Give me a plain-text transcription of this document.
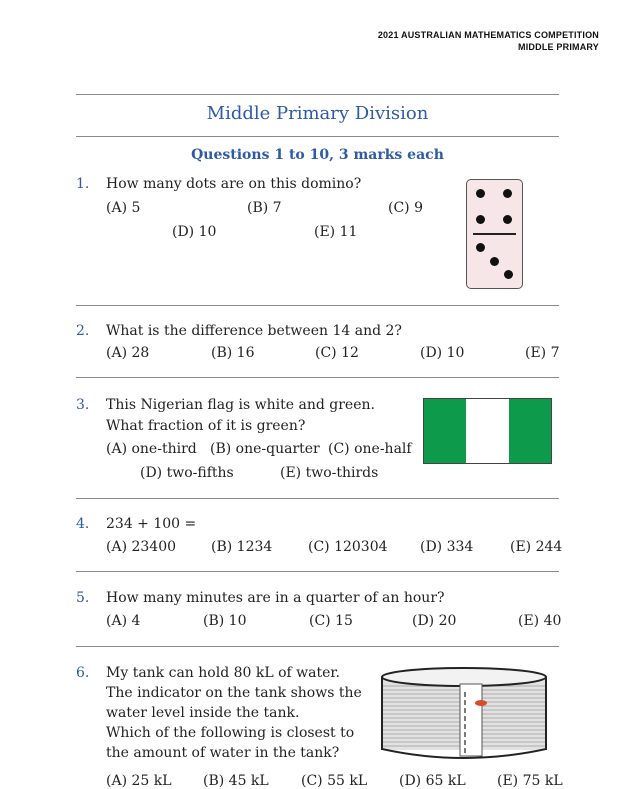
2021 AUSTRALIAN MATHEMATICS COMPETITION
MIDDLE PRIMARY
Middle Primary Division
Questions 1 to 10, 3 marks each
1. How many dots are on this domino?
(A) 5	(B) 7	(C) 9
(D) 10	(E) 11
2. What is the difference between 14 and 2?
(A) 28	(B) 16	(C) 12	(D) 10	(E) 7
3. This Nigerian flag is white and green.
What fraction of it is green?
(A) one-third (B) one-quarter (C) one-half
(D) two-fifths	(E) two-thirds
4. 234 + 100 =
(A) 23400 (B) 1234	(C) 120304 (D) 334	(E) 244
5. How many minutes are in a quarter of an hour?
(A) 4	(B) 10	(C) 15	(D) 20	(E) 40
6. My tank can hold 80 kL of water.
The indicator on the tank shows the
water level inside the tank.
Which of the following is closest to
the amount of water in the tank?
(A) 25 kL (B) 45 kL (C) 55 kL (D) 65 kL (E) 75 kL
